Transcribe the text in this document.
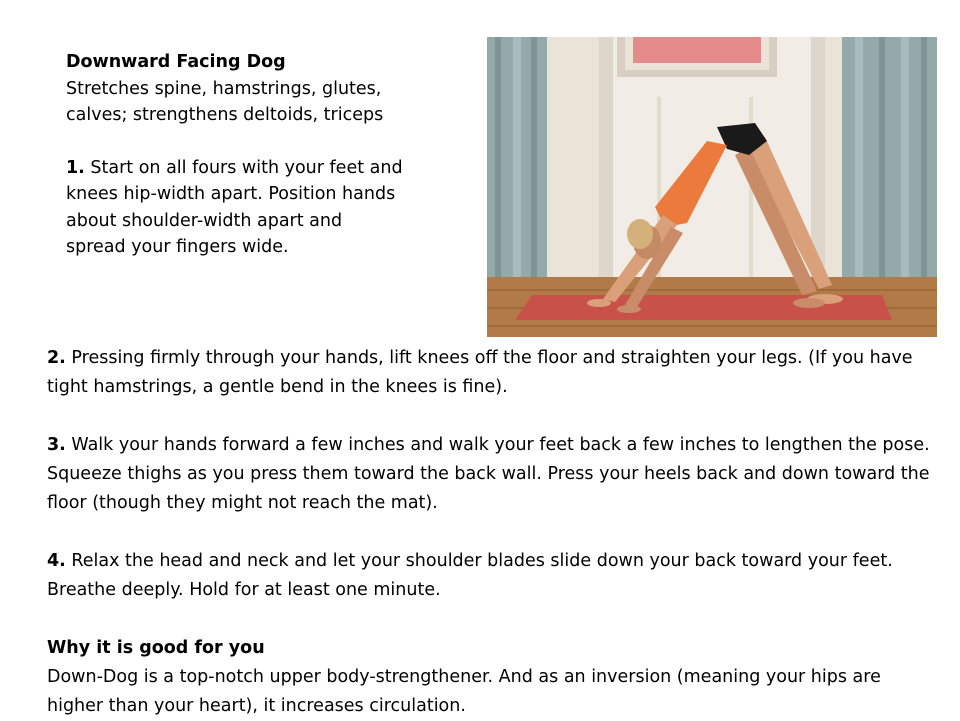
Downward Facing Dog

Stretches spine, hamstrings, glutes,

calves; strengthens deltoids, triceps

1. Start on all fours with your feet and

knees hip-width apart. Position hands

about shoulder-width apart and

spread your fingers wide.

2. Pressing firmly through your hands, lift knees off the floor and straighten your legs. (If you have tight hamstrings, a gentle bend in the knees is fine).

3. Walk your hands forward a few inches and walk your feet back a few inches to lengthen the pose. Squeeze thighs as you press them toward the back wall. Press your heels back and down toward the floor (though they might not reach the mat).

4. Relax the head and neck and let your shoulder blades slide down your back toward your feet. Breathe deeply. Hold for at least one minute.

Why it is good for you

Down-Dog is a top-notch upper body-strengthener. And as an inversion (meaning your hips are higher than your heart), it increases circulation.
